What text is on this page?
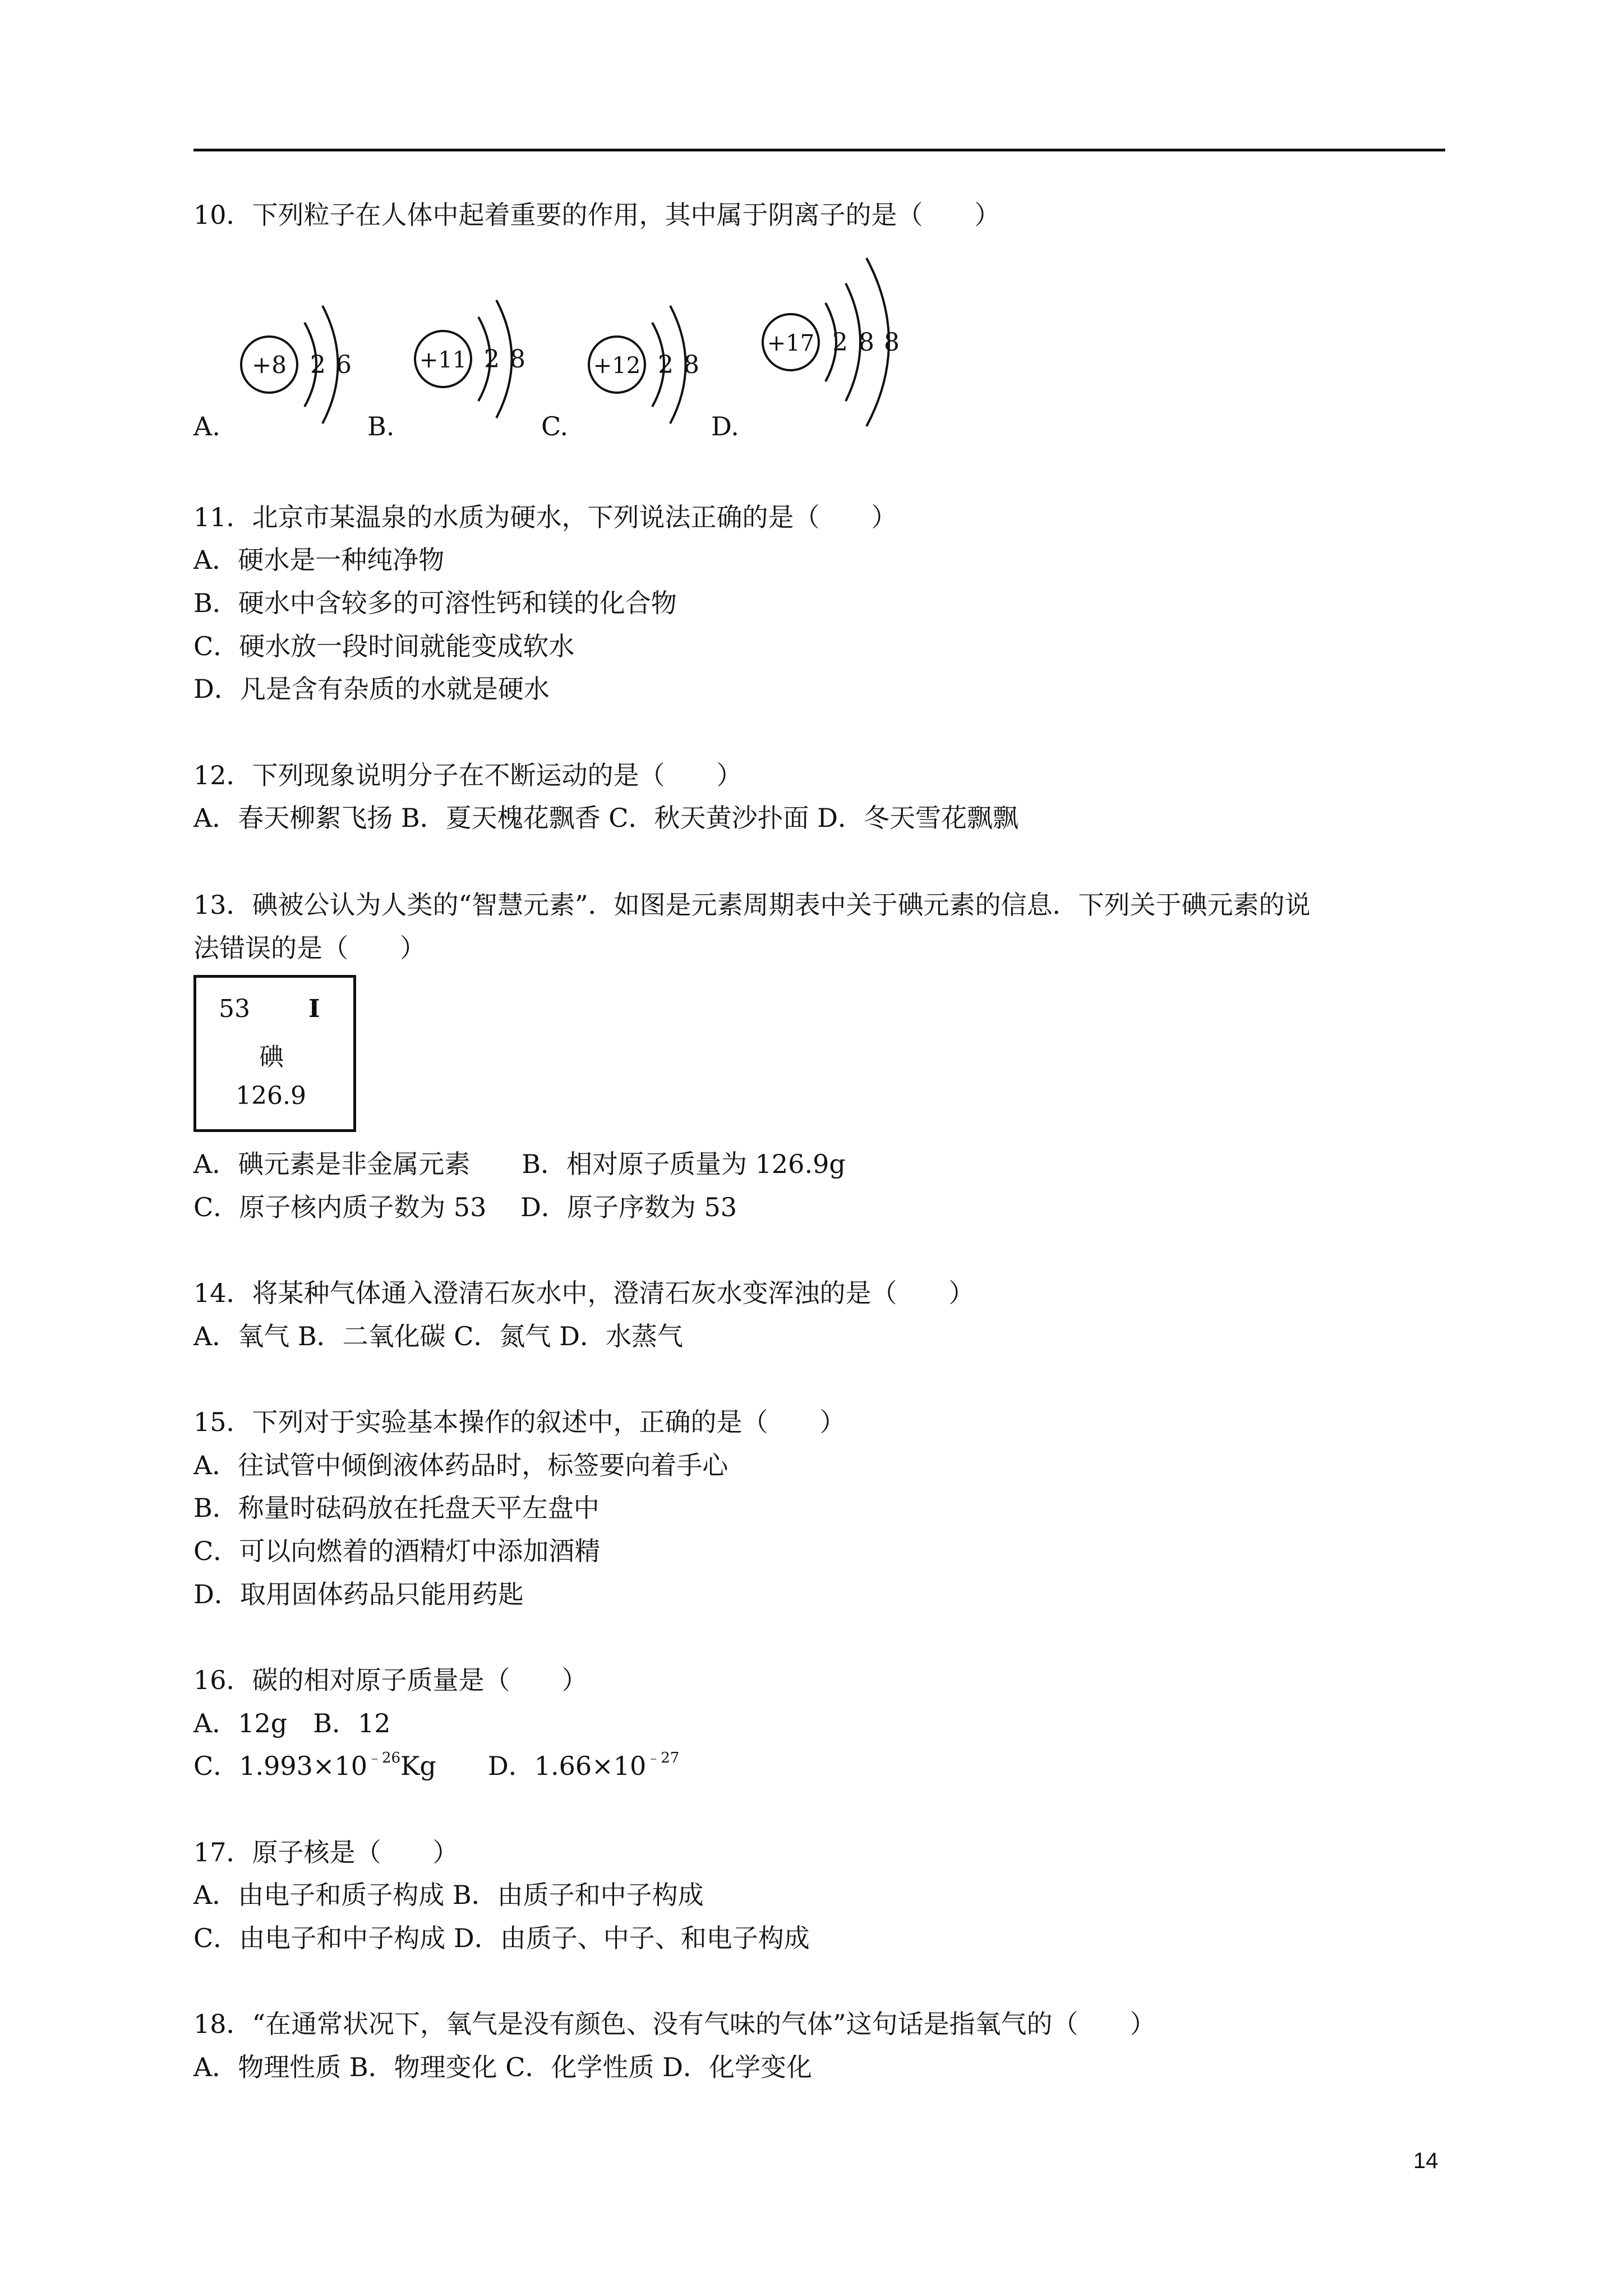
10．下列粒子在人体中起着重要的作用，其中属于阴离子的是（　　）
+8 2 6
A.
+11 2 8
B.
+12 2 8
C.
+17 2 8 8
D.
11．北京市某温泉的水质为硬水，下列说法正确的是（　　）
A．硬水是一种纯净物
B．硬水中含较多的可溶性钙和镁的化合物
C．硬水放一段时间就能变成软水
D．凡是含有杂质的水就是硬水
12．下列现象说明分子在不断运动的是（　　）
A．春天柳絮飞扬 B．夏天槐花飘香 C．秋天黄沙扑面 D．冬天雪花飘飘
13．碘被公认为人类的“智慧元素”．如图是元素周期表中关于碘元素的信息．下列关于碘元素的说
法错误的是（　　）
53 I
碘
126.9
A．碘元素是非金属元素　　B．相对原子质量为 126.9g
C．原子核内质子数为 53　 D．原子序数为 53
14．将某种气体通入澄清石灰水中，澄清石灰水变浑浊的是（　　）
A．氧气 B．二氧化碳 C．氮气 D．水蒸气
15．下列对于实验基本操作的叙述中，正确的是（　　）
A．往试管中倾倒液体药品时，标签要向着手心
B．称量时砝码放在托盘天平左盘中
C．可以向燃着的酒精灯中添加酒精
D．取用固体药品只能用药匙
16．碳的相对原子质量是（　　）
A．12g　B．12
C．$1.993\times 10^{﹣26}Kg$　　 D．$1.66\times 10^{﹣27}$
17．原子核是（　　）
A．由电子和质子构成 B．由质子和中子构成
C．由电子和中子构成 D．由质子、中子、和电子构成
18．“在通常状况下，氧气是没有颜色、没有气味的气体”这句话是指氧气的（　　）
A．物理性质 B．物理变化 C．化学性质 D．化学变化
14
